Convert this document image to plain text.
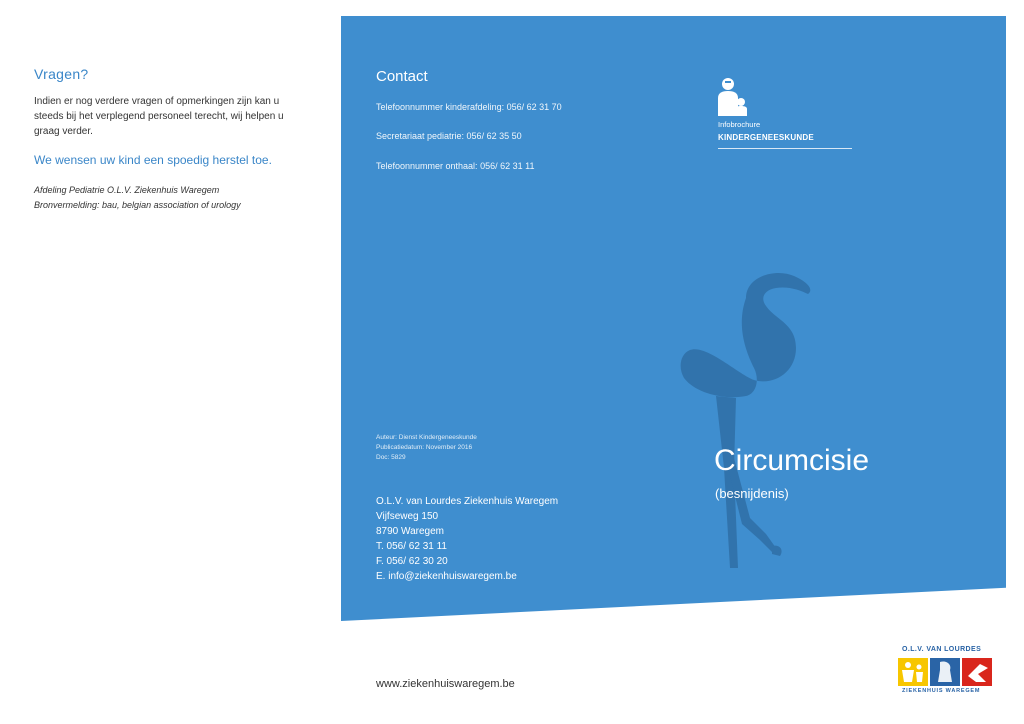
Vragen?

Indien er nog verdere vragen of opmerkingen zijn kan u steeds bij het verplegend personeel terecht, wij helpen u graag verder.

We wensen uw kind een spoedig herstel toe.

Afdeling Pediatrie O.L.V. Ziekenhuis Waregem

Bronvermelding: bau, belgian association of urology

Contact
Telefoonnummer kinderafdeling: 056/ 62 31 70
Secretariaat pediatrie: 056/ 62 35 50
Telefoonnummer onthaal: 056/ 62 31 11
Infobrochure
KINDERGENEESKUNDE
Auteur: Dienst Kindergeneeskunde
Publicatiedatum: November 2016
Doc: 5829	Circumcisie
(besnijdenis)
O.L.V. van Lourdes Ziekenhuis Waregem
Vijfseweg 150
8790 Waregem
T. 056/ 62 31 11
F. 056/ 62 30 20
E. info@ziekenhuiswaregem.be
www.ziekenhuiswaregem.be
O.L.V. VAN LOURDES
ZIEKENHUIS WAREGEM
